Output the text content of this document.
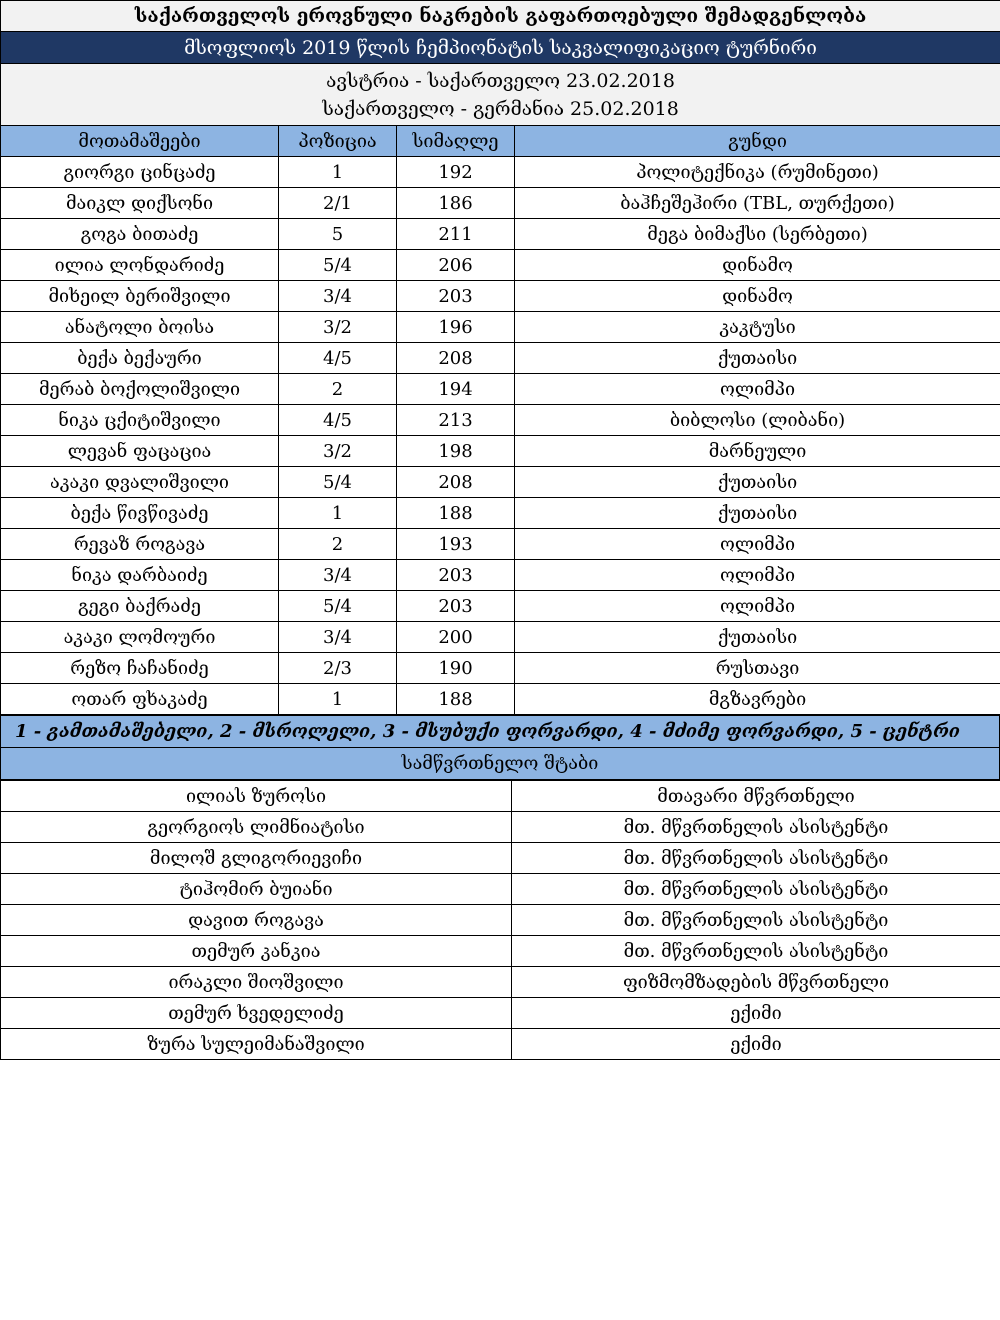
საქართველოს ეროვნული ნაკრების გაფართოებული შემადგენლობა			
მსოფლიოს 2019 წლის ჩემპიონატის საკვალიფიკაციო ტურნირი			

ავსტრია - საქართველო 23.02.2018
საქართველო - გერმანია 25.02.2018			

მოთამაშეები	პოზიცია	სიმაღლე	გუნდი
გიორგი ცინცაძე	1	192	პოლიტექნიკა (რუმინეთი)
მაიკლ დიქსონი	2/1	186	ბაჰჩეშეჰირი (TBL, თურქეთი)
გოგა ბითაძე	5	211	მეგა ბიმაქსი (სერბეთი)
ილია ლონდარიძე	5/4	206	დინამო
მიხეილ ბერიშვილი	3/4	203	დინამო
ანატოლი ბოისა	3/2	196	კაკტუსი
ბექა ბექაური	4/5	208	ქუთაისი
მერაბ ბოქოლიშვილი	2	194	ოლიმპი
ნიკა ცქიტიშვილი	4/5	213	ბიბლოსი (ლიბანი)
ლევან ფაცაცია	3/2	198	მარნეული
აკაკი დვალიშვილი	5/4	208	ქუთაისი
ბექა წივწივაძე	1	188	ქუთაისი
რევაზ როგავა	2	193	ოლიმპი
ნიკა დარბაიძე	3/4	203	ოლიმპი
გეგი ბაქრაძე	5/4	203	ოლიმპი
აკაკი ლომოური	3/4	200	ქუთაისი
რეზო ჩაჩანიძე	2/3	190	რუსთავი
ოთარ ფხაკაძე	1	188	მგზავრები
1 - გამთამაშებელი, 2 - მსროლელი, 3 - მსუბუქი ფორვარდი, 4 - მძიმე ფორვარდი, 5 - ცენტრი
სამწვრთნელო შტაბი
ილიას ზუროსი	მთავარი მწვრთნელი
გეორგიოს ლიმნიატისი	მთ. მწვრთნელის ასისტენტი
მილოშ გლიგორიევიჩი	მთ. მწვრთნელის ასისტენტი
ტიჰომირ ბუიანი	მთ. მწვრთნელის ასისტენტი
დავით როგავა	მთ. მწვრთნელის ასისტენტი
თემურ კანკია	მთ. მწვრთნელის ასისტენტი
ირაკლი შიოშვილი	ფიზმომზადების მწვრთნელი
თემურ ხვედელიძე	ექიმი
ზურა სულეიმანაშვილი	ექიმი
